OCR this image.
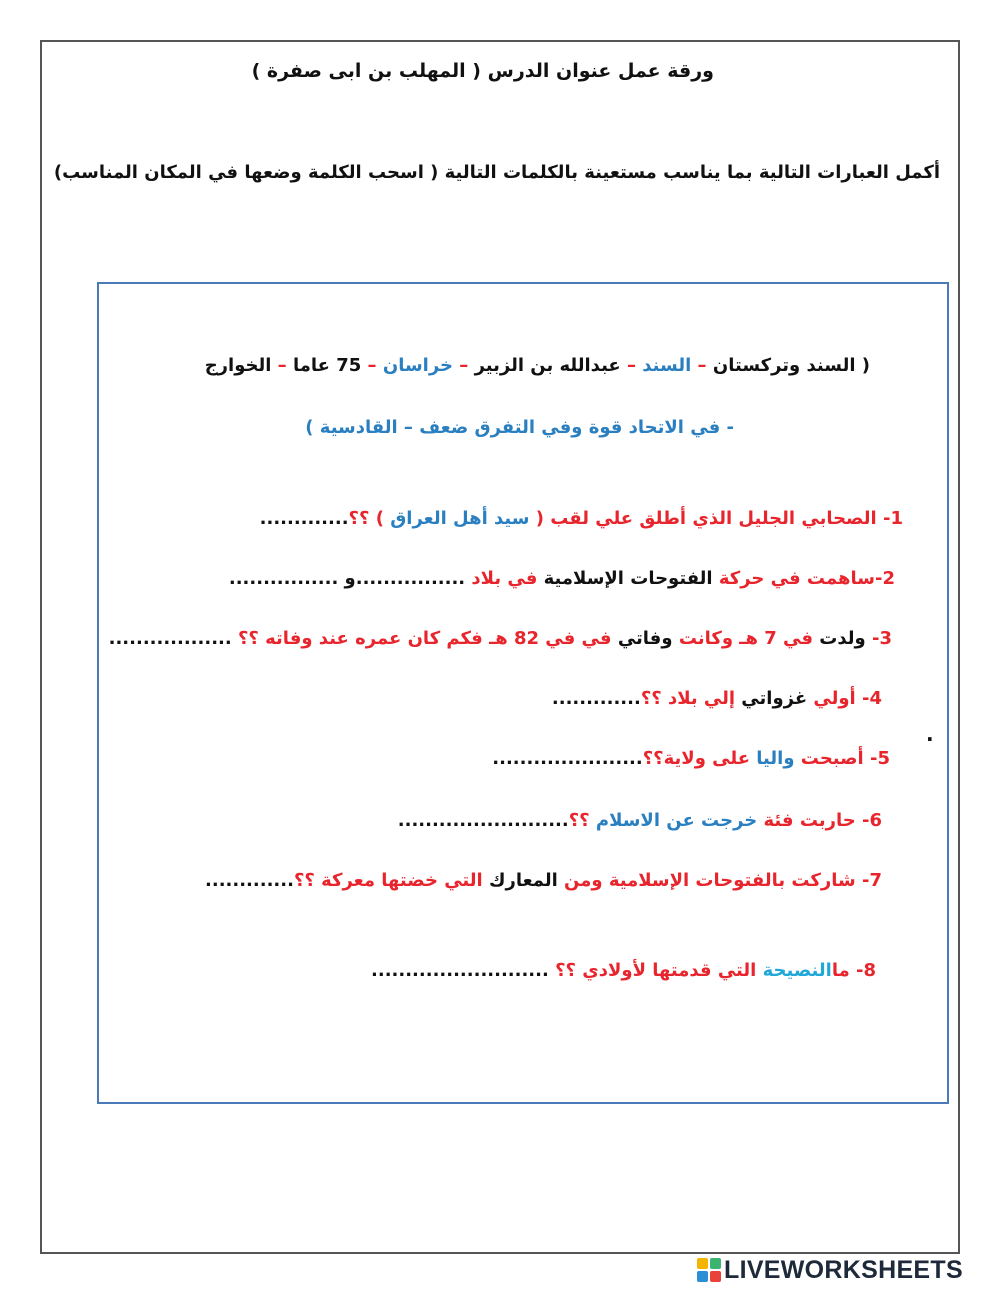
ورقة عمل عنوان الدرس ( المهلب بن ابى صفرة )
أكمل العبارات التالية بما يناسب مستعينة بالكلمات التالية ( اسحب الكلمة وضعها في المكان المناسب)
( السند وتركستان – السند – عبدالله بن الزبير – خراسان – 75 عاما – الخوارج
- في الاتحاد قوة وفي التفرق ضعف – القادسية )
1- الصحابي الجليل الذي أطلق علي لقب ( سيد أهل العراق ) ؟؟.............
2-ساهمت في حركة الفتوحات الإسلامية في بلاد ................و ................
3- ولدت في 7 هـ وكانت وفاتي في في 82 هـ فكم كان عمره عند وفاته ؟؟ ..................
4- أولي غزواتي إلي بلاد ؟؟.............
5- أصبحت واليا على ولاية؟؟......................
6- حاربت فئة خرجت عن الاسلام ؟؟.........................
7- شاركت بالفتوحات الإسلامية ومن المعارك التي خضتها معركة ؟؟.............
8- ماالنصيحة التي قدمتها لأولادي ؟؟ ..........................
.
LIVEWORKSHEETS
